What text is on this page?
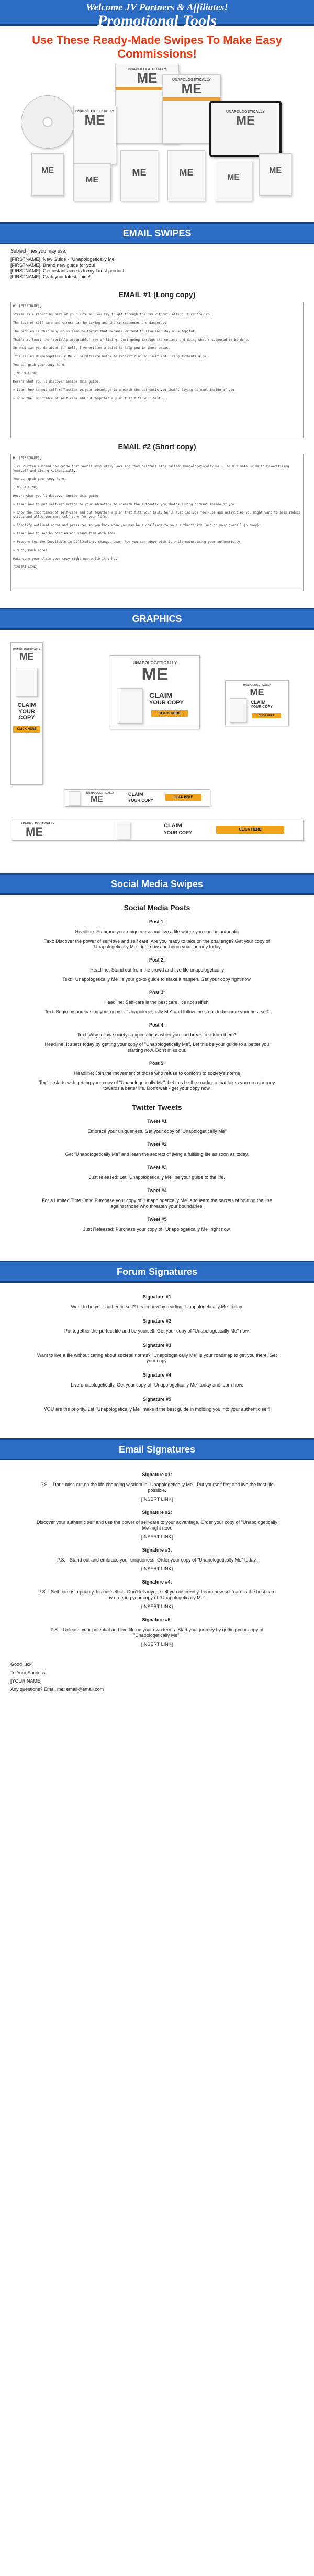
Welcome JV Partners & Affiliates!
Promotional Tools
Use These Ready-Made Swipes To Make Easy Commissions!
UNAPOLOGETICALLY
ME	UNAPOLOGETICALLY
ME
UNAPOLOGETICALLY
ME
UNAPOLOGETICALLY
ME
ME
ME
ME	ME	ME
ME
EMAIL SWIPES
Subject lines you may use:
[FIRSTNAME], New Guide - "Unapologetically Me"
[FIRSTNAME], Brand new guide for you!
[FIRSTNAME], Get instant access to my latest product!
[FIRSTNAME], Grab your latest guide!
EMAIL #1 (Long copy)
Hi [FIRSTNAME],

Stress is a recurring part of your life and you try to get through the day without letting it control you.

The lack of self-care and stress can be taxing and the consequences are dangerous.

The problem is that many of us seem to forget that because we tend to live each day on autopilot.

That's at least the "socially acceptable" way of living. Just going through the motions and doing what's supposed to be done.

So what can you do about it? Well, I've written a guide to help you in these areas.

It's called Unapologetically Me - The Ultimate Guide to Prioritizing Yourself and Living Authentically.

You can grab your copy here:

[INSERT LINK]

Here's what you'll discover inside this guide:

> Learn how to put self-reflection to your advantage to unearth the authentic you that's living dormant inside of you.

> Know the importance of self-care and put together a plan that fits your best...
EMAIL #2 (Short copy)
Hi [FIRSTNAME],

I've written a brand new guide that you'll absolutely love and find helpful! It's called: Unapologetically Me - The Ultimate Guide to Prioritizing Yourself and Living Authentically.

You can grab your copy here:

[INSERT LINK]

Here's what you'll discover inside this guide:

> Learn how to put self-reflection to your advantage to unearth the authentic you that's living dormant inside of you.

> Know the importance of self-care and put together a plan that fits your best. We'll also include feel-ups and activities you might want to help reduce stress and allow you more self-care for your life.

> Identify outlined norms and pressures so you know when you may be a challenge to your authenticity (and on your overall journey).

> Learn how to set boundaries and stand firm with them.

> Prepare for the Inevitable in Difficult to change. Learn how you can adopt with it while maintaining your authenticity.

> Much, much more!

Make sure your claim your copy right now while it's hot!

[INSERT LINK]
GRAPHICS
UNAPOLOGETICALLY
ME
CLAIM
YOUR COPY
CLICK HERE
UNAPOLOGETICALLY
ME
CLAIM
YOUR COPY
CLICK HERE
UNAPOLOGETICALLY
ME
CLAIM
YOUR COPY
CLICK HERE
UNAPOLOGETICALLY
ME
CLAIM
YOUR COPY
CLICK HERE
UNAPOLOGETICALLY
ME	CLAIM
YOUR COPY
CLICK HERE
Social Media Swipes
Social Media Posts
Post 1:
Headline: Embrace your uniqueness and live a life where you can be authentic
Text: Discover the power of self-love and self care. Are you ready to take on the challenge? Get your copy of "Unapologetically Me" right now and begin your journey today.
Post 2:
Headline: Stand out from the crowd and live life unapologetically
Text: "Unapologetically Me" is your go-to guide to make it happen. Get your copy right now.
Post 3:
Headline: Self-care is the best care. It's not selfish.
Text: Begin by purchasing your copy of "Unapologetically Me" and follow the steps to become your best self.
Post 4:
Text: Why follow society's expectations when you can break free from them?
Headline: It starts today by getting your copy of "Unapologetically Me". Let this be your guide to a better you starting now. Don't miss out.
Post 5:
Headline: Join the movement of those who refuse to conform to society's norms
Text: It starts with getting your copy of "Unapologetically Me". Let this be the roadmap that takes you on a journey towards a better life. Don't wait - get your copy now.
Twitter Tweets
Tweet #1
Embrace your uniqueness. Get your copy of "Unapologetically Me"
Tweet #2
Get "Unapologetically Me" and learn the secrets of living a fulfilling life as soon as today.
Tweet #3
Just released: Let "Unapologetically Me" be your guide to the life.
Tweet #4
For a Limited Time Only: Purchase your copy of "Unapologetically Me" and learn the secrets of holding the line against those who threaten your boundaries.
Tweet #5
Just Released: Purchase your copy of "Unapologetically Me" right now.
Forum Signatures
Signature #1
Want to be your authentic self? Learn how by reading "Unapologetically Me" today.
Signature #2
Put together the perfect life and be yourself. Get your copy of "Unapologetically Me" now.
Signature #3
Want to live a life without caring about societal norms? "Unapologetically Me" is your roadmap to get you there. Get your copy.
Signature #4
Live unapologetically. Get your copy of "Unapologetically Me" today and learn how.
Signature #5
YOU are the priority. Let "Unapologetically Me" make it the best guide in molding you into your authentic self!
Email Signatures
Signature #1:
P.S. - Don't miss out on the life-changing wisdom in "Unapologetically Me". Put yourself first and live the best life possible.
[INSERT LINK]
Signature #2:
Discover your authentic self and use the power of self-care to your advantage. Order your copy of "Unapologetically Me" right now.
[INSERT LINK]
Signature #3:
P.S. - Stand out and embrace your uniqueness. Order your copy of "Unapologetically Me" today.
[INSERT LINK]
Signature #4:
P.S. - Self-care is a priority. It's not selfish. Don't let anyone tell you differently. Learn how self-care is the best care by ordering your copy of "Unapologetically Me".
[INSERT LINK]
Signature #5:
P.S. - Unleash your potential and live life on your own terms. Start your journey by getting your copy of "Unapologetically Me".
[INSERT LINK]
Good luck!
To Your Success,
[YOUR NAME]
Any questions? Email me: email@email.com
